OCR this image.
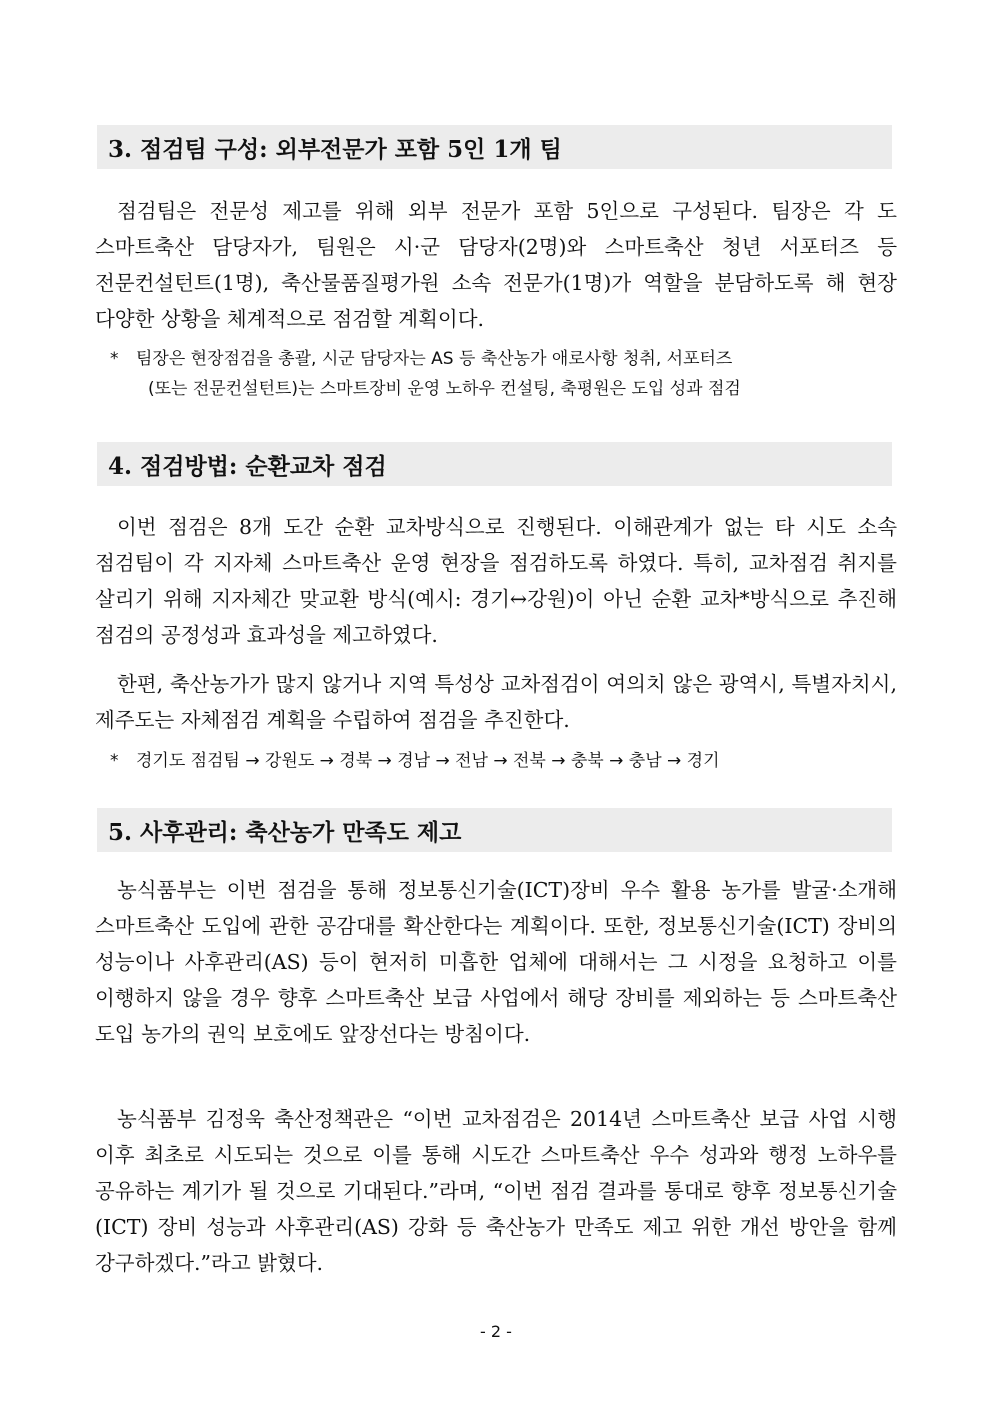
3. 점검팀 구성: 외부전문가 포함 5인 1개 팀

점검팀은 전문성 제고를 위해 외부 전문가 포함 5인으로 구성된다. 팀장은 각 도 스마트축산 담당자가, 팀원은 시·군 담당자(2명)와 스마트축산 청년 서포터즈 등 전문컨설턴트(1명), 축산물품질평가원 소속 전문가(1명)가 역할을 분담하도록 해 현장 다양한 상황을 체계적으로 점검할 계획이다.

* 팀장은 현장점검을 총괄, 시군 담당자는 AS 등 축산농가 애로사항 청취, 서포터즈
(또는 전문컨설턴트)는 스마트장비 운영 노하우 컨설팅, 축평원은 도입 성과 점검
4. 점검방법: 순환교차 점검

이번 점검은 8개 도간 순환 교차방식으로 진행된다. 이해관계가 없는 타 시도 소속 점검팀이 각 지자체 스마트축산 운영 현장을 점검하도록 하였다. 특히, 교차점검 취지를 살리기 위해 지자체간 맞교환 방식(예시: 경기↔강원)이 아닌 순환 교차*방식으로 추진해 점검의 공정성과 효과성을 제고하였다.

한편, 축산농가가 많지 않거나 지역 특성상 교차점검이 여의치 않은 광역시, 특별자치시, 제주도는 자체점검 계획을 수립하여 점검을 추진한다.

* 경기도 점검팀 → 강원도 → 경북 → 경남 → 전남 → 전북 → 충북 → 충남 → 경기
5. 사후관리: 축산농가 만족도 제고

농식품부는 이번 점검을 통해 정보통신기술(ICT)장비 우수 활용 농가를 발굴·소개해 스마트축산 도입에 관한 공감대를 확산한다는 계획이다. 또한, 정보통신기술(ICT) 장비의 성능이나 사후관리(AS) 등이 현저히 미흡한 업체에 대해서는 그 시정을 요청하고 이를 이행하지 않을 경우 향후 스마트축산 보급 사업에서 해당 장비를 제외하는 등 스마트축산 도입 농가의 권익 보호에도 앞장선다는 방침이다.

농식품부 김정욱 축산정책관은 “이번 교차점검은 2014년 스마트축산 보급 사업 시행 이후 최초로 시도되는 것으로 이를 통해 시도간 스마트축산 우수 성과와 행정 노하우를 공유하는 계기가 될 것으로 기대된다.”라며, “이번 점검 결과를 통대로 향후 정보통신기술(ICT) 장비 성능과 사후관리(AS) 강화 등 축산농가 만족도 제고 위한 개선 방안을 함께 강구하겠다.”라고 밝혔다.

- 2 -
